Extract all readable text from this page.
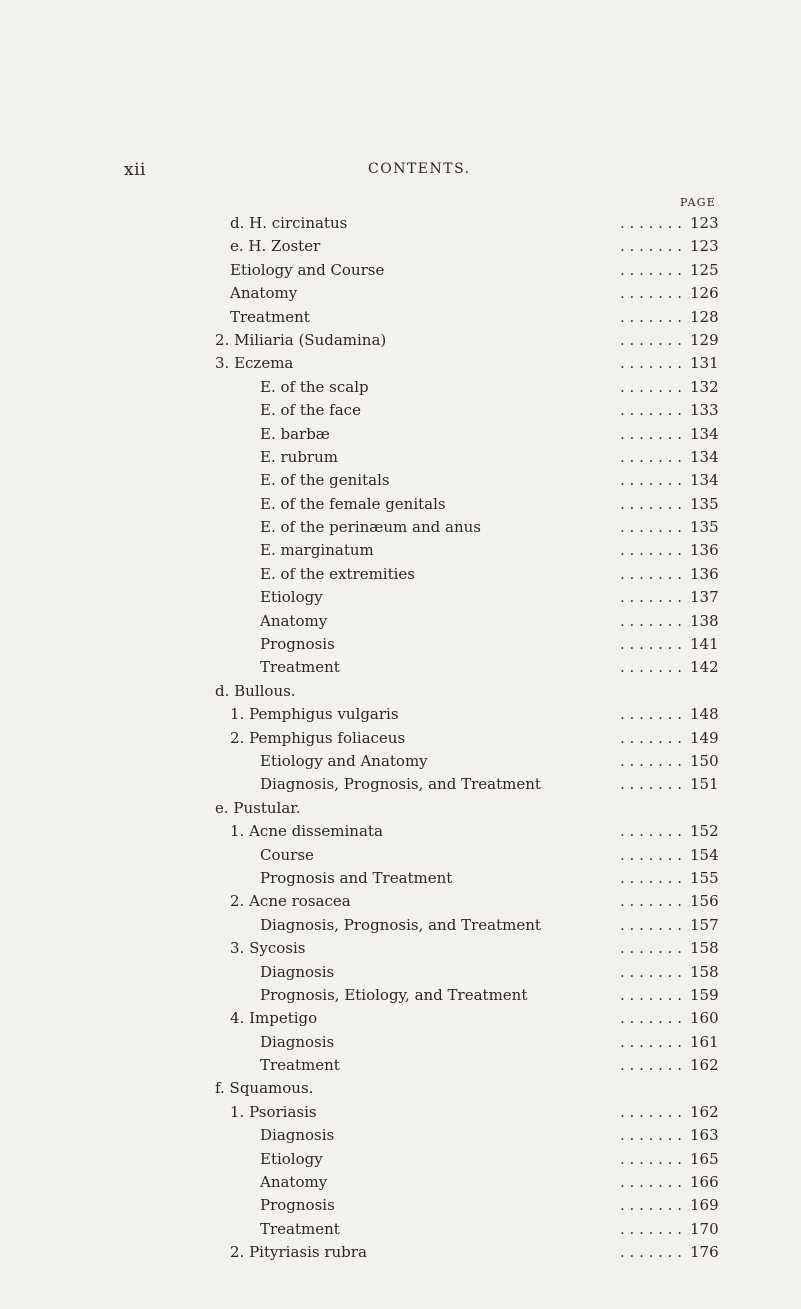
xii	CONTENTS.
PAGE
d. H. circinatus	. . . . . . . 123
e. H. Zoster	. . . . . . . 123
Etiology and Course	. . . . . . . 125
Anatomy	. . . . . . . 126
Treatment	. . . . . . . 128
2. Miliaria (Sudamina)	. . . . . . . 129
3. Eczema	. . . . . . . 131
E. of the scalp	. . . . . . . 132
E. of the face	. . . . . . . 133
E. barbæ	. . . . . . . 134
E. rubrum	. . . . . . . 134
E. of the genitals	. . . . . . . 134
E. of the female genitals	. . . . . . . 135
E. of the perinæum and anus	. . . . . . . 135
E. marginatum	. . . . . . . 136
E. of the extremities	. . . . . . . 136
Etiology	. . . . . . . 137
Anatomy	. . . . . . . 138
Prognosis	. . . . . . . 141
Treatment	. . . . . . . 142
d. Bullous.
1. Pemphigus vulgaris	. . . . . . . 148
2. Pemphigus foliaceus	. . . . . . . 149
Etiology and Anatomy	. . . . . . . 150
Diagnosis, Prognosis, and Treatment	. . . . . . . 151
e. Pustular.
1. Acne disseminata	. . . . . . . 152
Course	. . . . . . . 154
Prognosis and Treatment	. . . . . . . 155
2. Acne rosacea	. . . . . . . 156
Diagnosis, Prognosis, and Treatment	. . . . . . . 157
3. Sycosis	. . . . . . . 158
Diagnosis	. . . . . . . 158
Prognosis, Etiology, and Treatment	. . . . . . . 159
4. Impetigo	. . . . . . . 160
Diagnosis	. . . . . . . 161
Treatment	. . . . . . . 162
f. Squamous.
1. Psoriasis	. . . . . . . 162
Diagnosis	. . . . . . . 163
Etiology	. . . . . . . 165
Anatomy	. . . . . . . 166
Prognosis	. . . . . . . 169
Treatment	. . . . . . . 170
2. Pityriasis rubra	. . . . . . . 176
